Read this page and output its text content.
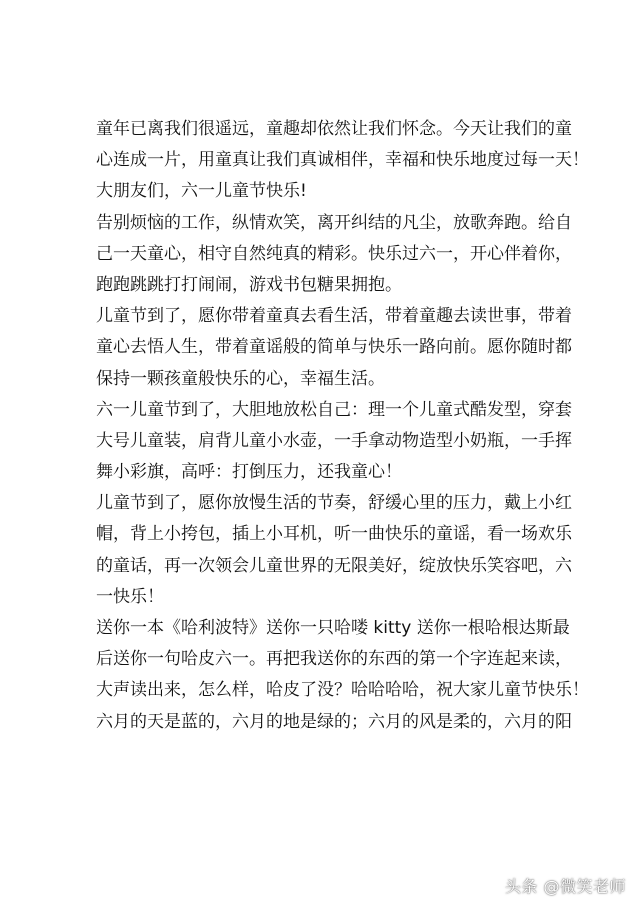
童年已离我们很遥远，童趣却依然让我们怀念。今天让我们的童
心连成一片，用童真让我们真诚相伴，幸福和快乐地度过每一天！
大朋友们，六一儿童节快乐!
告别烦恼的工作，纵情欢笑，离开纠结的凡尘，放歌奔跑。给自
己一天童心，相守自然纯真的精彩。快乐过六一，开心伴着你，
跑跑跳跳打打闹闹，游戏书包糖果拥抱。
儿童节到了，愿你带着童真去看生活，带着童趣去读世事，带着
童心去悟人生，带着童谣般的简单与快乐一路向前。愿你随时都
保持一颗孩童般快乐的心，幸福生活。
六一儿童节到了，大胆地放松自己：理一个儿童式酷发型，穿套
大号儿童装，肩背儿童小水壶，一手拿动物造型小奶瓶，一手挥
舞小彩旗，高呼：打倒压力，还我童心！
儿童节到了，愿你放慢生活的节奏，舒缓心里的压力，戴上小红
帽，背上小挎包，插上小耳机，听一曲快乐的童谣，看一场欢乐
的童话，再一次领会儿童世界的无限美好，绽放快乐笑容吧，六
一快乐！
送你一本《哈利波特》送你一只哈喽 kitty 送你一根哈根达斯最
后送你一句哈皮六一。再把我送你的东西的第一个字连起来读，
大声读出来，怎么样，哈皮了没？哈哈哈哈，祝大家儿童节快乐！
六月的天是蓝的，六月的地是绿的；六月的风是柔的，六月的阳
头条 @微笑老师
